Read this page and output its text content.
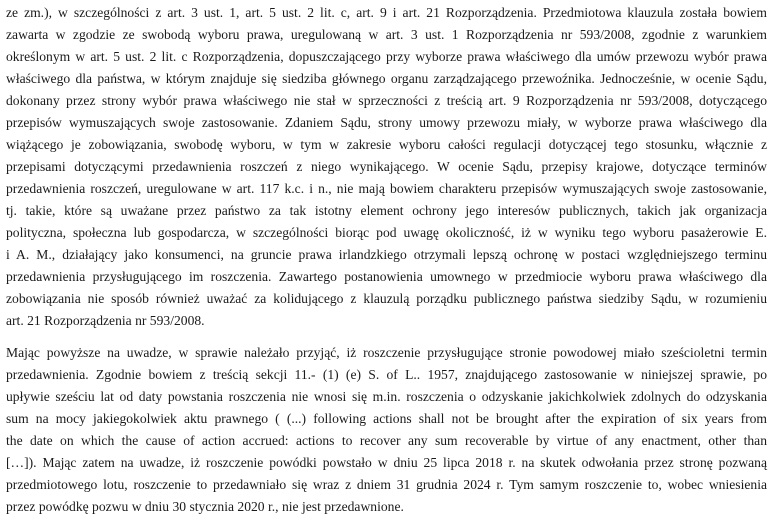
ze zm.), w szczególności z art. 3 ust. 1, art. 5 ust. 2 lit. c, art. 9 i art. 21 Rozporządzenia. Przedmiotowa klauzula została bowiem
zawarta w zgodzie ze swobodą wyboru prawa, uregulowaną w art. 3 ust. 1 Rozporządzenia nr 593/2008, zgodnie z warunkiem
określonym w art. 5 ust. 2 lit. c Rozporządzenia, dopuszczającego przy wyborze prawa właściwego dla umów przewozu wybór prawa
właściwego dla państwa, w którym znajduje się siedziba głównego organu zarządzającego przewoźnika. Jednocześnie, w ocenie Sądu,
dokonany przez strony wybór prawa właściwego nie stał w sprzeczności z treścią art. 9 Rozporządzenia nr 593/2008, dotyczącego
przepisów wymuszających swoje zastosowanie. Zdaniem Sądu, strony umowy przewozu miały, w wyborze prawa właściwego dla
wiążącego je zobowiązania, swobodę wyboru, w tym w zakresie wyboru całości regulacji dotyczącej tego stosunku, włącznie z
przepisami dotyczącymi przedawnienia roszczeń z niego wynikającego. W ocenie Sądu, przepisy krajowe, dotyczące terminów
przedawnienia roszczeń, uregulowane w art. 117 k.c. i n., nie mają bowiem charakteru przepisów wymuszających swoje zastosowanie,
tj. takie, które są uważane przez państwo za tak istotny element ochrony jego interesów publicznych, takich jak organizacja
polityczna, społeczna lub gospodarcza, w szczególności biorąc pod uwagę okoliczność, iż w wyniku tego wyboru pasażerowie E.
i A. M., działający jako konsumenci, na gruncie prawa irlandzkiego otrzymali lepszą ochronę w postaci względniejszego terminu
przedawnienia przysługującego im roszczenia. Zawartego postanowienia umownego w przedmiocie wyboru prawa właściwego dla
zobowiązania nie sposób również uważać za kolidującego z klauzulą porządku publicznego państwa siedziby Sądu, w rozumieniu
art. 21 Rozporządzenia nr 593/2008.
Mając powyższe na uwadze, w sprawie należało przyjąć, iż roszczenie przysługujące stronie powodowej miało sześcioletni termin
przedawnienia. Zgodnie bowiem z treścią sekcji 11.- (1) (e) S. of L.. 1957, znajdującego zastosowanie w niniejszej sprawie, po
upływie sześciu lat od daty powstania roszczenia nie wnosi się m.in. roszczenia o odzyskanie jakichkolwiek zdolnych do odzyskania
sum na mocy jakiegokolwiek aktu prawnego ( (...) following actions shall not be brought after the expiration of six years from
the date on which the cause of action accrued: actions to recover any sum recoverable by virtue of any enactment, other than
[…]). Mając zatem na uwadze, iż roszczenie powódki powstało w dniu 25 lipca 2018 r. na skutek odwołania przez stronę pozwaną
przedmiotowego lotu, roszczenie to przedawniało się wraz z dniem 31 grudnia 2024 r. Tym samym roszczenie to, wobec wniesienia
przez powódkę pozwu w dniu 30 stycznia 2020 r., nie jest przedawnione.
